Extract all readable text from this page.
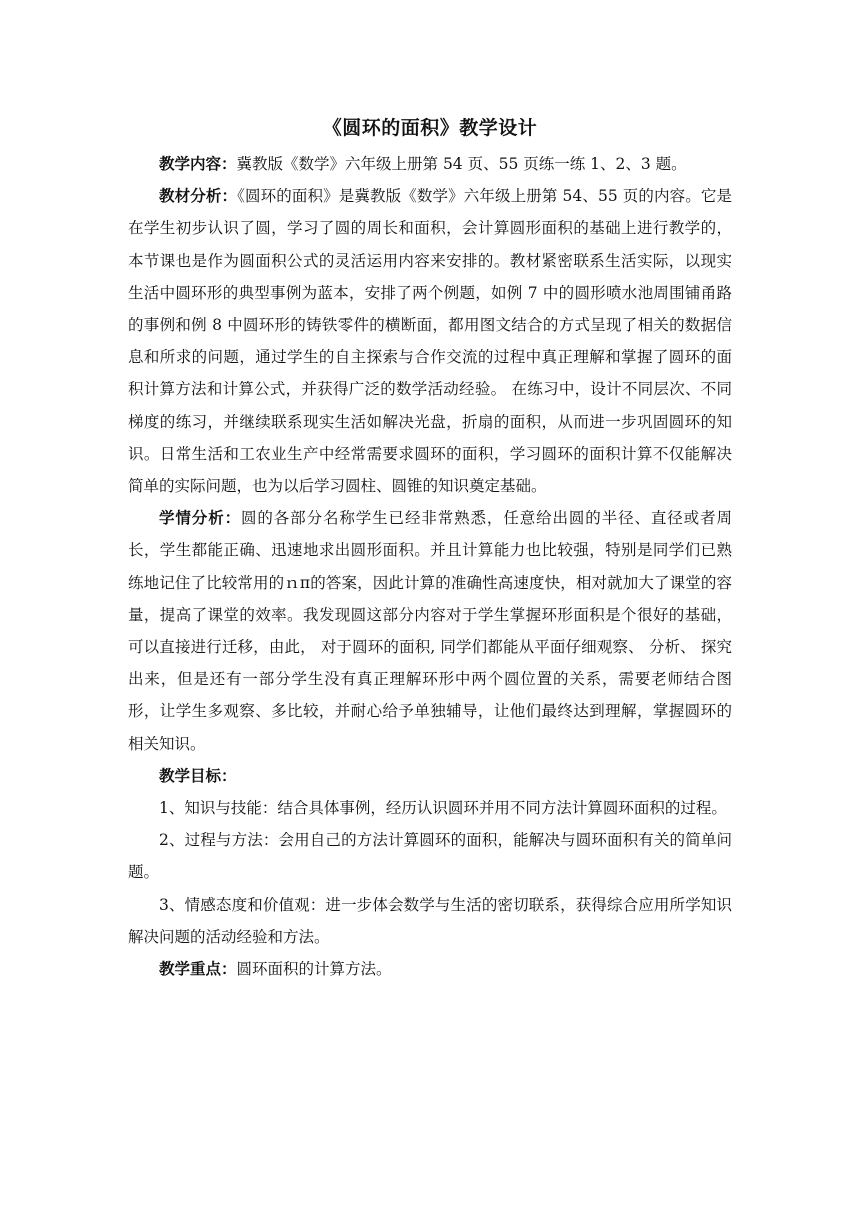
《圆环的面积》教学设计

教学内容：冀教版《数学》六年级上册第 54 页、55 页练一练 1、2、3 题。

教材分析：《圆环的面积》是冀教版《数学》六年级上册第 54、55 页的内容。它是在学生初步认识了圆，学习了圆的周长和面积，会计算圆形面积的基础上进行教学的，本节课也是作为圆面积公式的灵活运用内容来安排的。教材紧密联系生活实际，以现实生活中圆环形的典型事例为蓝本，安排了两个例题，如例 7 中的圆形喷水池周围铺甬路的事例和例 8 中圆环形的铸铁零件的横断面，都用图文结合的方式呈现了相关的数据信息和所求的问题，通过学生的自主探索与合作交流的过程中真正理解和掌握了圆环的面积计算方法和计算公式，并获得广泛的数学活动经验。 在练习中，设计不同层次、不同梯度的练习，并继续联系现实生活如解决光盘，折扇的面积，从而进一步巩固圆环的知识。日常生活和工农业生产中经常需要求圆环的面积，学习圆环的面积计算不仅能解决简单的实际问题，也为以后学习圆柱、圆锥的知识奠定基础。

学情分析：圆的各部分名称学生已经非常熟悉，任意给出圆的半径、直径或者周长，学生都能正确、迅速地求出圆形面积。并且计算能力也比较强，特别是同学们已熟练地记住了比较常用的ｎπ的答案，因此计算的准确性高速度快，相对就加大了课堂的容量，提高了课堂的效率。我发现圆这部分内容对于学生掌握环形面积是个很好的基础，可以直接进行迁移，由此， 对于圆环的面积, 同学们都能从平面仔细观察、 分析、 探究出来，但是还有一部分学生没有真正理解环形中两个圆位置的关系，需要老师结合图形，让学生多观察、多比较，并耐心给予单独辅导，让他们最终达到理解，掌握圆环的相关知识。

教学目标：

1、知识与技能：结合具体事例，经历认识圆环并用不同方法计算圆环面积的过程。

2、过程与方法：会用自己的方法计算圆环的面积，能解决与圆环面积有关的简单问题。

3、情感态度和价值观：进一步体会数学与生活的密切联系，获得综合应用所学知识解决问题的活动经验和方法。

教学重点：圆环面积的计算方法。
